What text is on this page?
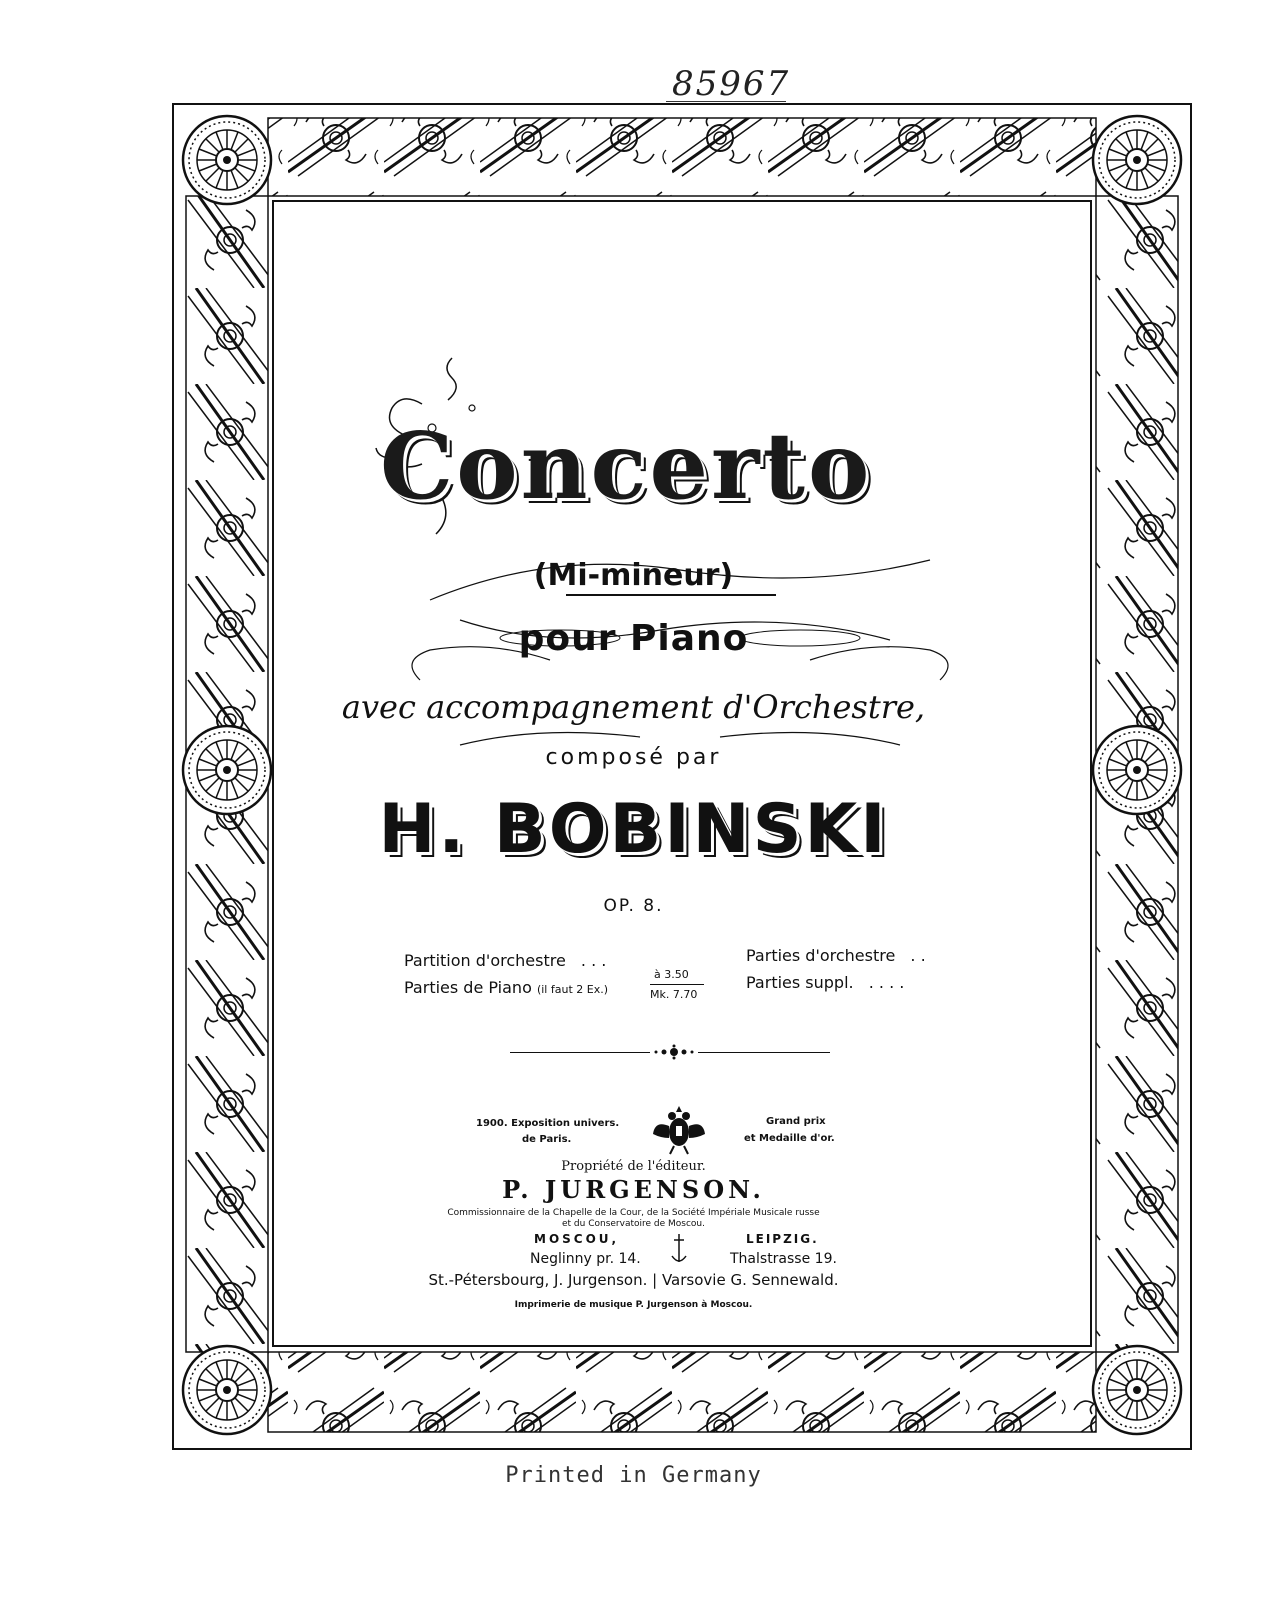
85967
Concerto
(Mi-mineur)
pour Piano
avec accompagnement d'Orchestre,
composé par
H. BOBINSKI
OP. 8.
Partition d'orchestre . . .
Parties de Piano (il faut 2 Ex.)
à 3.50
Mk. 7.70
Parties d'orchestre . .
Parties suppl. . . . .
1900. Exposition univers.
de Paris.
Grand prix
et Medaille d'or.
Propriété de l'éditeur.
P. JURGENSON.
Commissionnaire de la Chapelle de la Cour, de la Société Impériale Musicale russe
et du Conservatoire de Moscou.
MOSCOU,
Neglinny pr. 14.
LEIPZIG.
Thalstrasse 19.
St.-Pétersbourg, J. Jurgenson. | Varsovie G. Sennewald.
Imprimerie de musique P. Jurgenson à Moscou.
Printed in Germany
